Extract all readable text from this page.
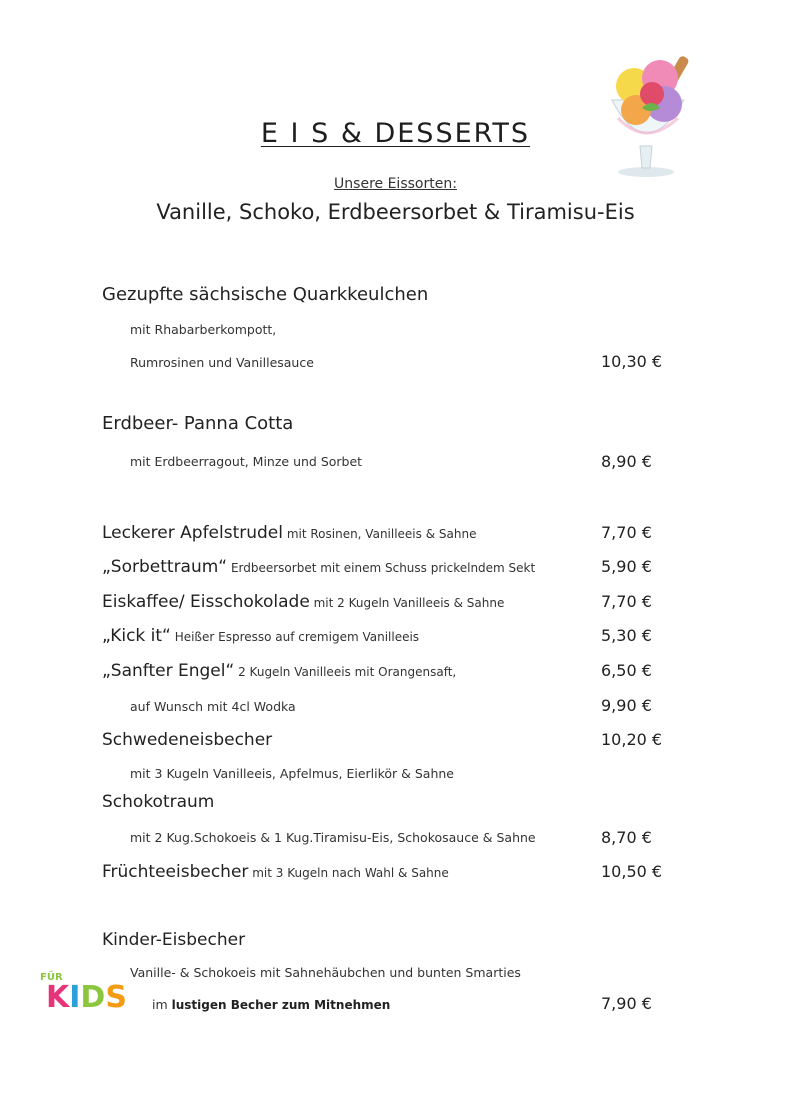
E I S & DESSERTS
Unsere Eissorten:
Vanille, Schoko, Erdbeersorbet & Tiramisu-Eis
Gezupfte sächsische Quarkkeulchen
mit Rhabarberkompott,
Rumrosinen und Vanillesauce	10,30 €
Erdbeer- Panna Cotta
mit Erdbeerragout, Minze und Sorbet	8,90 €
Leckerer Apfelstrudel mit Rosinen, Vanilleeis & Sahne	7,70 €
„Sorbettraum“ Erdbeersorbet mit einem Schuss prickelndem Sekt	5,90 €
Eiskaffee/ Eisschokolade mit 2 Kugeln Vanilleeis & Sahne	7,70 €
„Kick it“ Heißer Espresso auf cremigem Vanilleeis	5,30 €
„Sanfter Engel“ 2 Kugeln Vanilleeis mit Orangensaft,	6,50 €
auf Wunsch mit 4cl Wodka	9,90 €
Schwedeneisbecher	10,20 €
mit 3 Kugeln Vanilleeis, Apfelmus, Eierlikör & Sahne
Schokotraum
mit 2 Kug.Schokoeis & 1 Kug.Tiramisu-Eis, Schokosauce & Sahne	8,70 €
Früchteeisbecher mit 3 Kugeln nach Wahl & Sahne	10,50 €
Kinder-Eisbecher
Vanille- & Schokoeis mit Sahnehäubchen und bunten Smarties
im lustigen Becher zum Mitnehmen	7,90 €
FÜR
KIDS
